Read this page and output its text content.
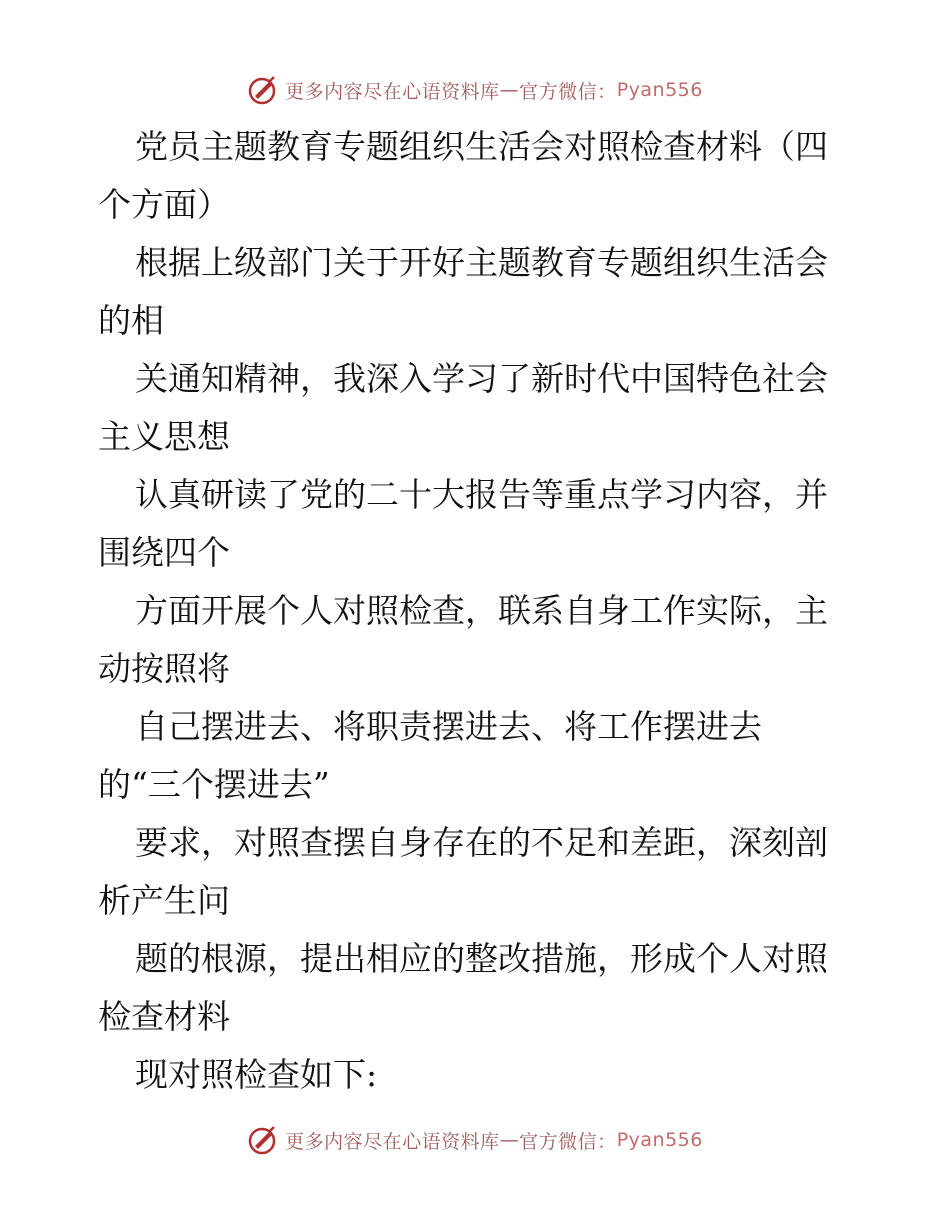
更多内容尽在心语资料库 — 官方微信： Pyan556
党员主题教育专题组织生活会对照检查材料（四
个方面）
根据上级部门关于开好主题教育专题组织生活会
的相
关通知精神，我深入学习了新时代中国特色社会
主义思想
认真研读了党的二十大报告等重点学习内容，并
围绕四个
方面开展个人对照检查，联系自身工作实际，主
动按照将
自己摆进去、将职责摆进去、将工作摆进去
的“三个摆进去”
要求，对照查摆自身存在的不足和差距，深刻剖
析产生问
题的根源，提出相应的整改措施，形成个人对照
检查材料
现对照检查如下:
更多内容尽在心语资料库 — 官方微信： Pyan556
